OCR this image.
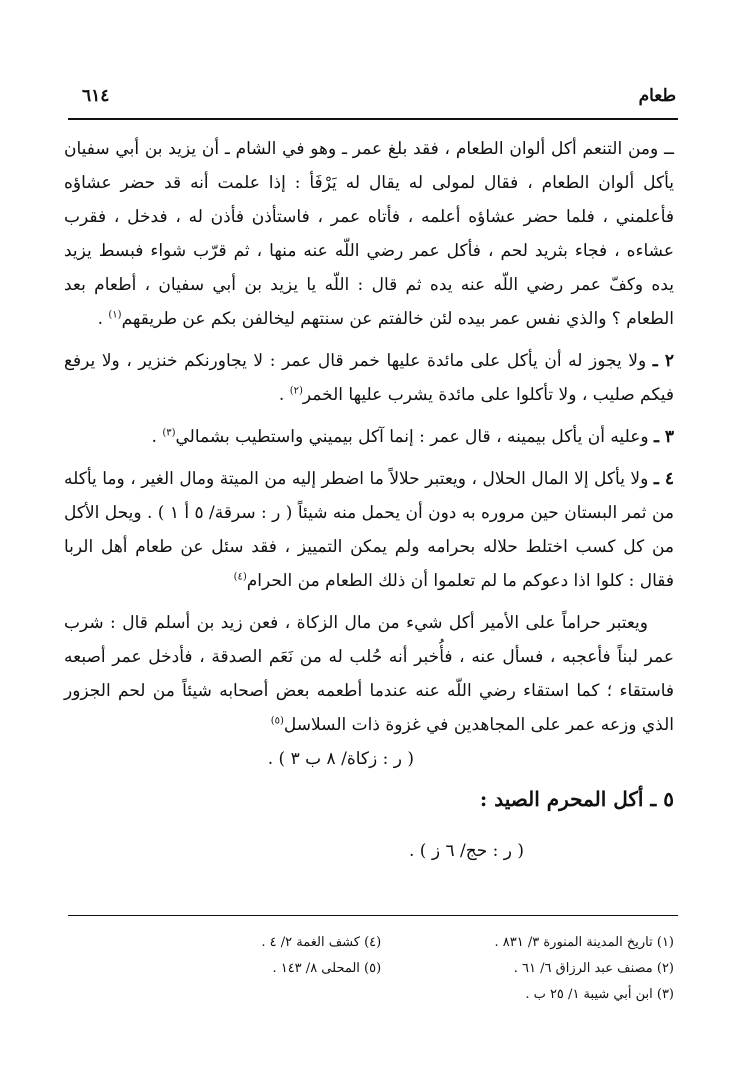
طعام
٦١٤

ــ ومن التنعم أكل ألوان الطعام ، فقد بلغ عمر ـ وهو في الشام ـ أن يزيد بن أبي سفيان يأكل ألوان الطعام ، فقال لمولى له يقال له يَرْفَأ : إذا علمت أنه قد حضر عشاؤه فأعلمني ، فلما حضر عشاؤه أعلمه ، فأتاه عمر ، فاستأذن فأذن له ، فدخل ، فقرب عشاءه ، فجاء بثريد لحم ، فأكل عمر رضي اللّه عنه منها ، ثم قرّب شواء فبسط يزيد يده وكفّ عمر رضي اللّه عنه يده ثم قال : اللّه يا يزيد بن أبي سفيان ، أطعام بعد الطعام ؟ والذي نفس عمر بيده لئن خالفتم عن سنتهم ليخالفن بكم عن طريقهم$^{(١)}$ .

٢ ـ ولا يجوز له أن يأكل على مائدة عليها خمر قال عمر : لا يجاورنكم خنزير ، ولا يرفع فيكم صليب ، ولا تأكلوا على مائدة يشرب عليها الخمر$^{(٢)}$ .

٣ ـ وعليه أن يأكل بيمينه ، قال عمر : إنما آكل بيميني واستطيب بشمالي$^{(٣)}$ .

٤ ـ ولا يأكل إلا المال الحلال ، ويعتبر حلالاً ما اضطر إليه من الميتة ومال الغير ، وما يأكله من ثمر البستان حين مروره به دون أن يحمل منه شيئاً ( ر : سرقة/ ٥ أ ١ ) . ويحل الأكل من كل كسب اختلط حلاله بحرامه ولم يمكن التمييز ، فقد سئل عن طعام أهل الربا فقال : كلوا اذا دعوكم ما لم تعلموا أن ذلك الطعام من الحرام$^{(٤)}$

ويعتبر حراماً على الأمير أكل شيء من مال الزكاة ، فعن زيد بن أسلم قال : شرب عمر لبناً فأعجبه ، فسأل عنه ، فأُخبر أنه حُلب له من نَعَم الصدقة ، فأدخل عمر أصبعه فاستقاء ؛ كما استقاء رضي اللّه عنه عندما أطعمه بعض أصحابه شيئاً من لحم الجزور الذي وزعه عمر على المجاهدين في غزوة ذات السلاسل$^{(٥)}$

( ر : زكاة/ ٨ ب ٣ ) .
٥ ـ أكل المحرم الصيد :
( ر : حج/ ٦ ز ) .
(١) تاريخ المدينة المنورة ٣/ ٨٣١ .
(٢) مصنف عبد الرزاق ٦/ ٦١ .
(٣) ابن أبي شيبة ١/ ٢٥ ب .
(٤) كشف الغمة ٢/ ٤ .
(٥) المحلى ٨/ ١٤٣ .
